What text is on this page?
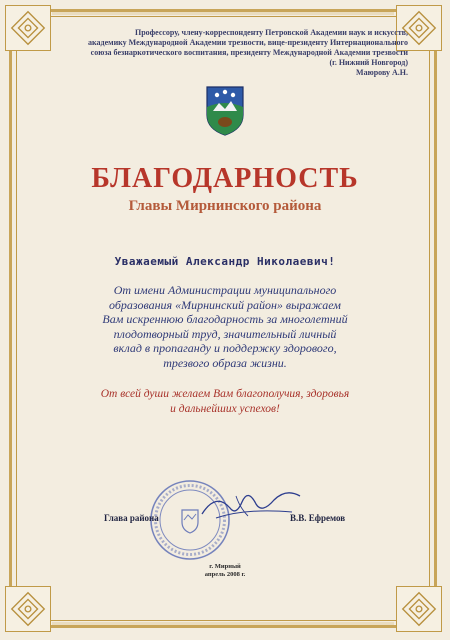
Профессору, члену-корреспонденту Петровской Академии наук и искусств,
академику Международной Академии трезвости, вице-президенту Интернационального
союза безнаркотического воспитания, президенту Международной Академии трезвости
(г. Нижний Новгород)
Маюрову А.Н.
БЛАГОДАРНОСТЬ
Главы Мирнинского района
Уважаемый Александр Николаевич!
От имени Администрации муниципального
образования «Мирнинский район» выражаем
Вам искреннюю благодарность за многолетний
плодотворный труд, значительный личный
вклад в пропаганду и поддержку здорового,
трезвого образа жизни.
От всей души желаем Вам благополучия, здоровья
и дальнейших успехов!
Глава района	В.В. Ефремов
г. Мирный
апрель 2008 г.
